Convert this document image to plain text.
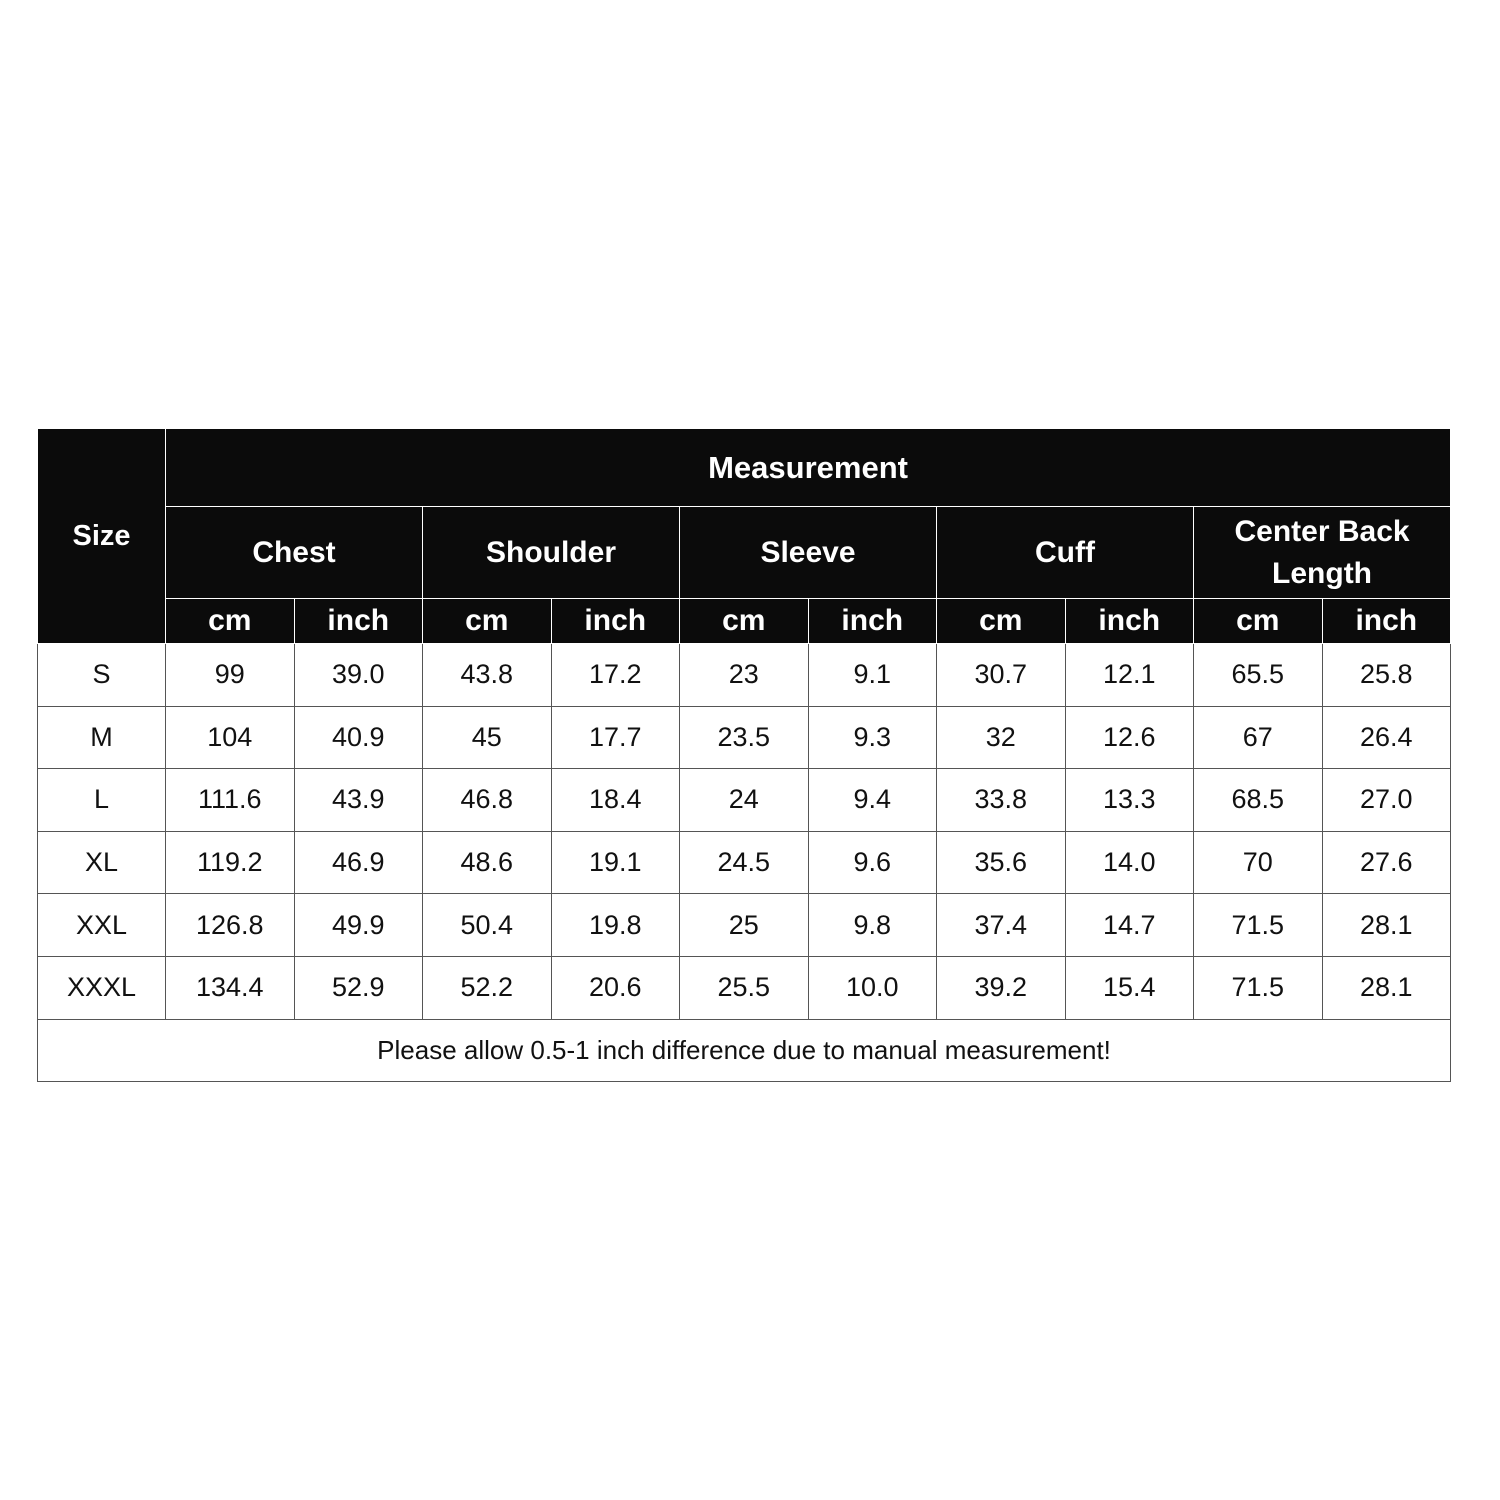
Size	Measurement									
	Chest		Shoulder		Sleeve		Cuff		Center Back Length	
	cm	inch	cm	inch	cm	inch	cm	inch	cm	inch
S	99	39.0	43.8	17.2	23	9.1	30.7	12.1	65.5	25.8
M	104	40.9	45	17.7	23.5	9.3	32	12.6	67	26.4
L	111.6	43.9	46.8	18.4	24	9.4	33.8	13.3	68.5	27.0
XL	119.2	46.9	48.6	19.1	24.5	9.6	35.6	14.0	70	27.6
XXL	126.8	49.9	50.4	19.8	25	9.8	37.4	14.7	71.5	28.1
XXXL	134.4	52.9	52.2	20.6	25.5	10.0	39.2	15.4	71.5	28.1
Please allow 0.5-1 inch difference due to manual measurement!										
